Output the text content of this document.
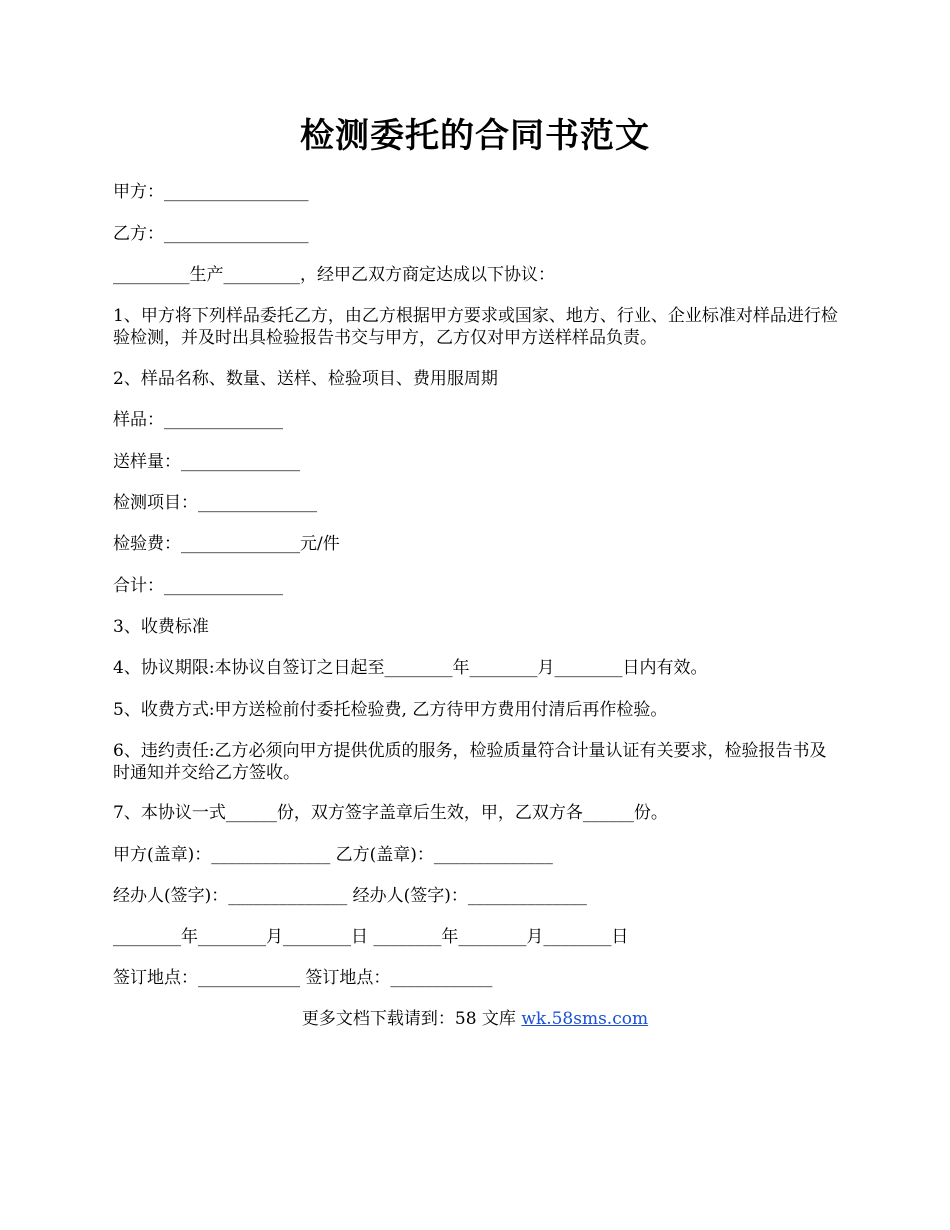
检测委托的合同书范文
甲方：_________________
乙方：_________________
_________生产_________，经甲乙双方商定达成以下协议：
1、甲方将下列样品委托乙方，由乙方根据甲方要求或国家、地方、行业、企业标准对样品进行检验检测，并及时出具检验报告书交与甲方，乙方仅对甲方送样样品负责。
2、样品名称、数量、送样、检验项目、费用服周期
样品：______________
送样量：______________
检测项目：______________
检验费：______________元/件
合计：______________
3、收费标准
4、协议期限:本协议自签订之日起至________年________月________日内有效。
5、收费方式:甲方送检前付委托检验费, 乙方待甲方费用付清后再作检验。
6、违约责任:乙方必须向甲方提供优质的服务，检验质量符合计量认证有关要求，检验报告书及时通知并交给乙方签收。
7、本协议一式______份，双方签字盖章后生效，甲，乙双方各______份。
甲方(盖章)：______________ 乙方(盖章)：______________
经办人(签字)：______________ 经办人(签字)：______________
________年________月________日 ________年________月________日
签订地点：____________ 签订地点：____________
更多文档下载请到：58 文库 wk.58sms.com
